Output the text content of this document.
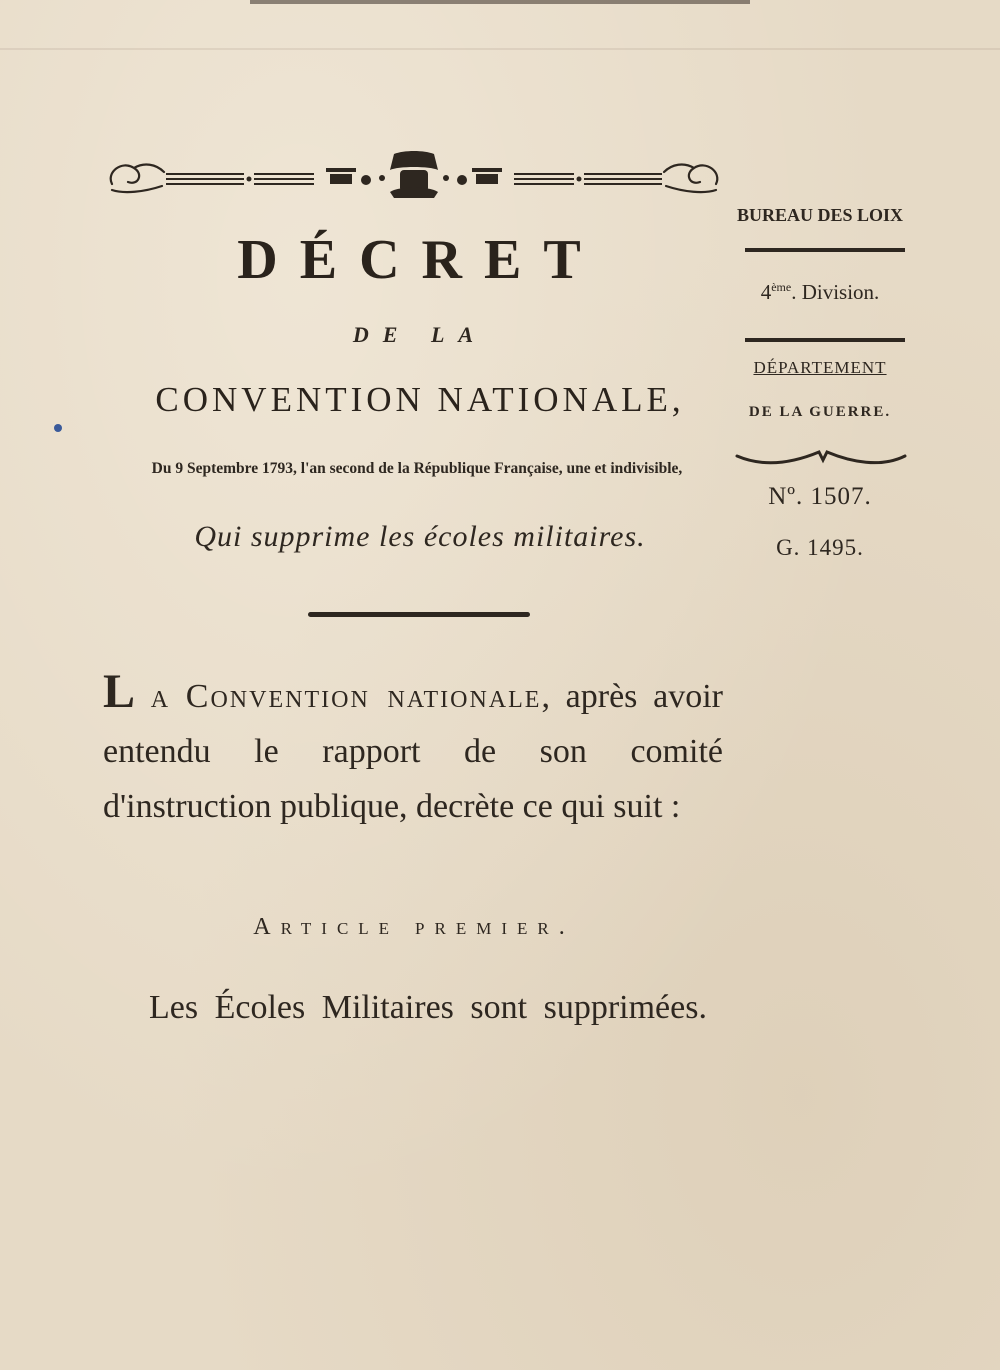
DÉCRET
DE LA
CONVENTION NATIONALE,
Du 9 Septembre 1793, l'an second de la République Française, une et indivisible,
Qui supprime les écoles militaires.
BUREAU DES LOIX
4ème. Division.
DÉPARTEMENT
DE LA GUERRE.
Nº. 1507.
G. 1495.
L a Convention nationale, après avoir entendu le rapport de son comité d'instruction publique, decrète ce qui suit :
Article premier.
Les Écoles Militaires sont supprimées.
